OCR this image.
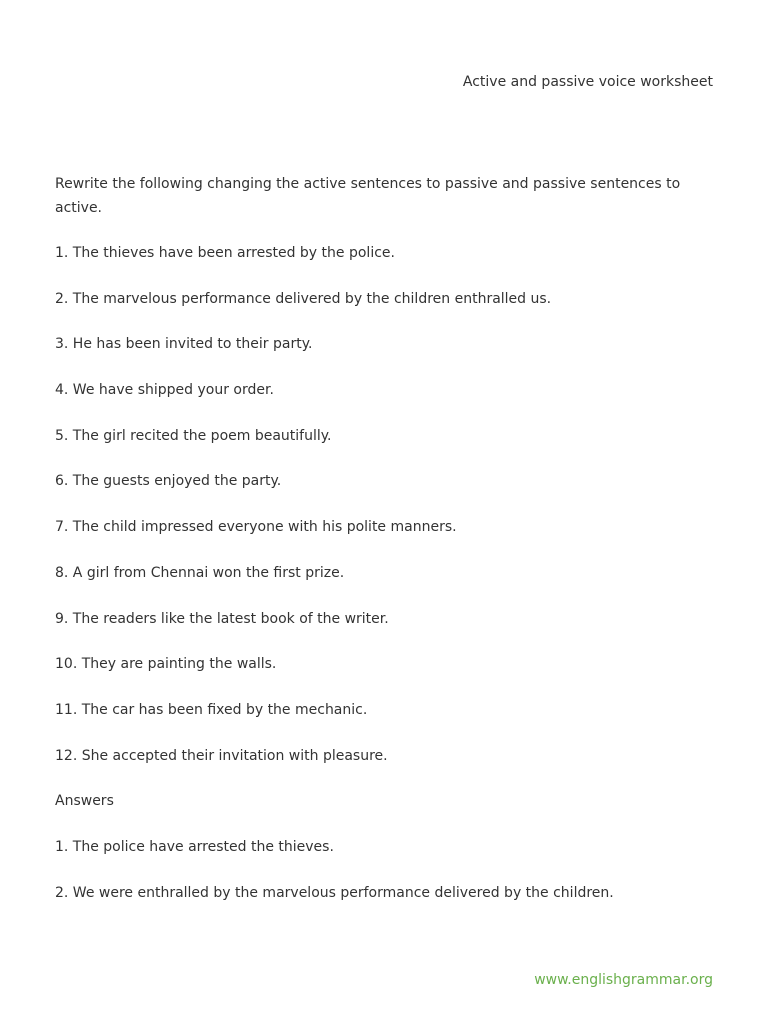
Active and passive voice worksheet

Rewrite the following changing the active sentences to passive and passive sentences to active.

1. The thieves have been arrested by the police.
2. The marvelous performance delivered by the children enthralled us.
3. He has been invited to their party.
4. We have shipped your order.
5. The girl recited the poem beautifully.
6. The guests enjoyed the party.
7. The child impressed everyone with his polite manners.
8. A girl from Chennai won the first prize.
9. The readers like the latest book of the writer.
10. They are painting the walls.
11. The car has been fixed by the mechanic.
12. She accepted their invitation with pleasure.
Answers
1. The police have arrested the thieves.
2. We were enthralled by the marvelous performance delivered by the children.
www.englishgrammar.org
